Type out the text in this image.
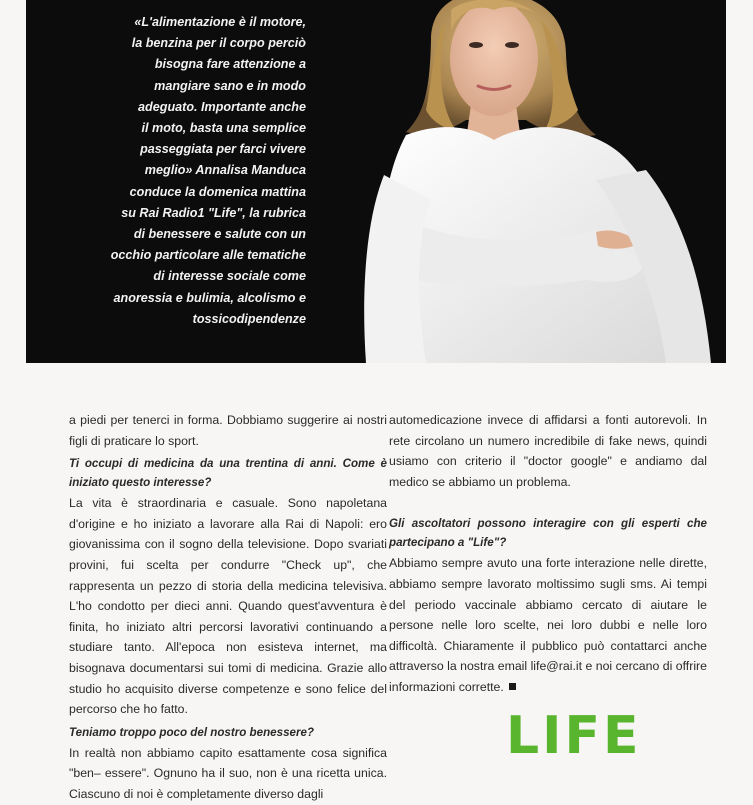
«L'alimentazione è il motore,
la benzina per il corpo perciò
bisogna fare attenzione a
mangiare sano e in modo
adeguato. Importante anche
il moto, basta una semplice
passeggiata per farci vivere
meglio» Annalisa Manduca
conduce la domenica mattina
su Rai Radio1 "Life", la rubrica
di benessere e salute con un
occhio particolare alle tematiche
di interesse sociale come
anoressia e bulimia, alcolismo e
tossicodipendenze

a piedi per tenerci in forma. Dobbiamo suggerire ai nostri figli di praticare lo sport.

Ti occupi di medicina da una trentina di anni. Come è iniziato questo interesse?

La vita è straordinaria e casuale. Sono napoletana d'origine e ho iniziato a lavorare alla Rai di Napoli: ero giovanissima con il sogno della televisione. Dopo svariati provini, fui scelta per condurre "Check up", che rappresenta un pezzo di storia della medicina televisiva. L'ho condotto per dieci anni. Quando quest'avventura è finita, ho iniziato altri percorsi lavorativi continuando a studiare tanto. All'epoca non esisteva internet, ma bisognava documentarsi sui tomi di medicina. Grazie allo studio ho acquisito diverse competenze e sono felice del percorso che ho fatto.

Teniamo troppo poco del nostro benessere?

In realtà non abbiamo capito esattamente cosa significa "ben– essere". Ognuno ha il suo, non è una ricetta unica. Ciascuno di noi è completamente diverso dagli

automedicazione invece di affidarsi a fonti autorevoli. In rete circolano un numero incredibile di fake news, quindi usiamo con criterio il "doctor google" e andiamo dal medico se abbiamo un problema.

Gli ascoltatori possono interagire con gli esperti che partecipano a "Life"?

Abbiamo sempre avuto una forte interazione nelle dirette, abbiamo sempre lavorato moltissimo sugli sms. Ai tempi del periodo vaccinale abbiamo cercato di aiutare le persone nelle loro scelte, nei loro dubbi e nelle loro difficoltà. Chiaramente il pubblico può contattarci anche attraverso la nostra email life@rai.it e noi cercano di offrire informazioni corrette.

LIFE
